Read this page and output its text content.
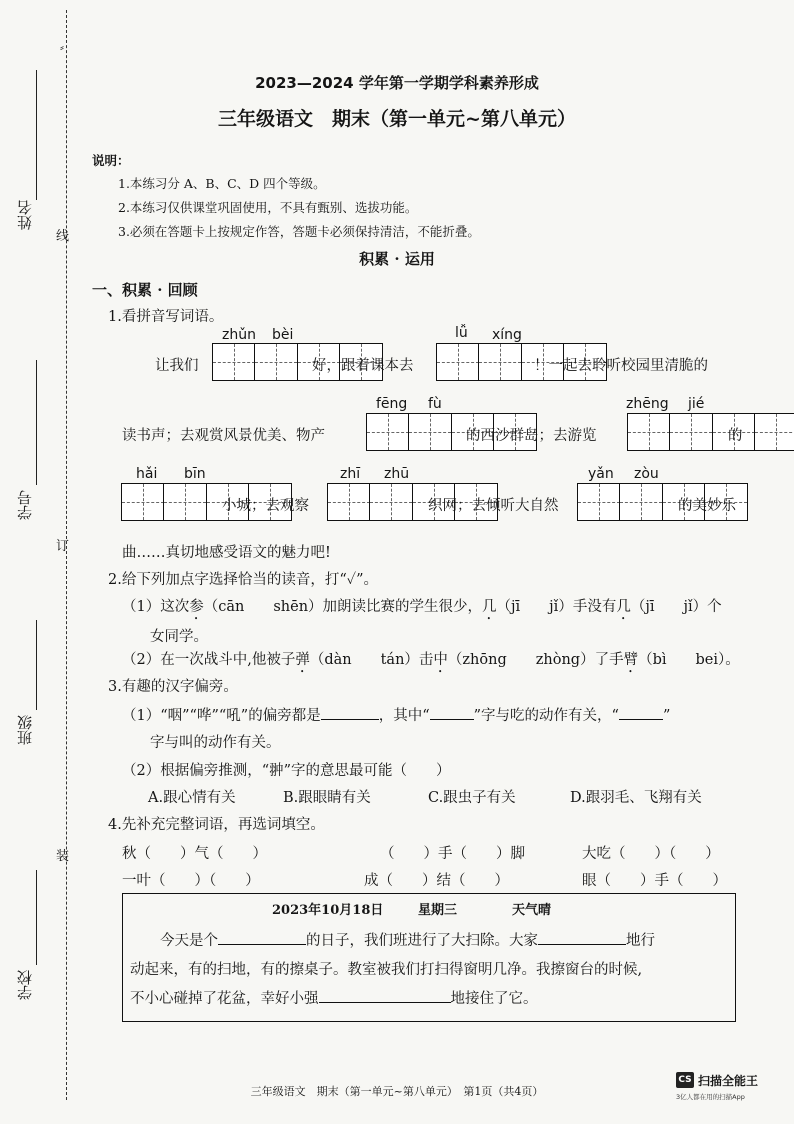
⸗
姓名
线
学号
订
班级
装
学校
2023—2024 学年第一学期学科素养形成
三年级语文　期末（第一单元~第八单元）
说明：
1.本练习分 A、B、C、D 四个等级。
2.本练习仅供课堂巩固使用，不具有甄别、选拔功能。
3.必须在答题卡上按规定作答，答题卡必须保持清洁，不能折叠。
积累 · 运用
一、积累 · 回顾
1.看拼音写词语。
zhǔn bèi	lǚ xíng
让我们	好，跟着课本去	！一起去聆听校园里清脆的
fēng fù	zhēng jié
读书声；去观赏风景优美、物产	的西沙群岛；去游览	的
hǎi bīn	zhī zhū	yǎn zòu
小城；去观察	织网；去倾听大自然	的美妙乐
曲……真切地感受语文的魅力吧!
2.给下列加点字选择恰当的读音，打“✓”。
（1）这次参（cān　　shēn）加朗读比赛的学生很少，几（jī　　jǐ）手没有几（jī　　jǐ）个
女同学。
（2）在一次战斗中,他被子弹（dàn　　tán）击中（zhōng　　zhòng）了手臂（bì　　bei）。
3.有趣的汉字偏旁。
（1）“咽”“哗”“吼”的偏旁都是	，其中“	”字与吃的动作有关，“	”
字与叫的动作有关。
（2）根据偏旁推测，“翀”字的意思最可能（　　）
A.跟心情有关	B.跟眼睛有关	C.跟虫子有关	D.跟羽毛、飞翔有关
4.先补充完整词语，再选词填空。
秋（　　）气（　　）	（　　）手（　　）脚	大吃（　　）（　　）
一叶（　　）（　　）	成（　　）结（　　）	眼（　　）手（　　）
2023年10月18日	星期三	天气晴
今天是个	的日子，我们班进行了大扫除。大家	地行
动起来，有的扫地，有的擦桌子。教室被我们打扫得窗明几净。我擦窗台的时候,
不小心碰掉了花盆，幸好小强	地接住了它。
三年级语文　期末（第一单元~第八单元）　第1页（共4页）
CS 扫描全能王
3亿人都在用的扫描App
